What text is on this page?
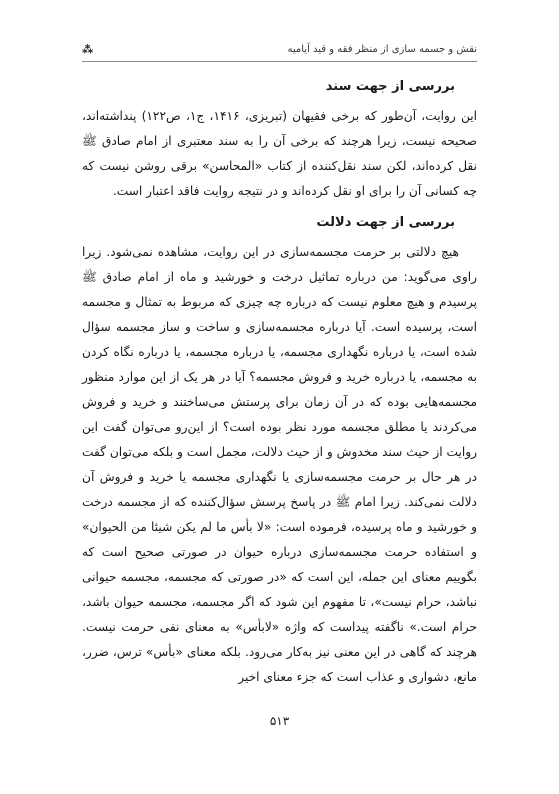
نقش و جسمه سازی از منظر فقه و قید آیامیه
⁂
بررسی از جهت سند

این روایت، آن‌طور که برخی فقیهان (تبریزی، ۱۴۱۶، ج۱، ص۱۲۲) پنداشته‌اند، صحیحه نیست، زیرا هرچند که برخی آن را به سند معتبری از امام صادق ﷺ نقل کرده‌اند، لکن سند نقل‌کننده از کتاب «المحاسن» برقی روشن نیست که چه کسانی آن را برای او نقل کرده‌اند و در نتیجه روایت فاقد اعتبار است.

بررسی از جهت دلالت

هیچ دلالتی بر حرمت مجسمه‌سازی در این روایت، مشاهده نمی‌شود. زیرا راوی می‌گوید: من درباره تماثیل درخت و خورشید و ماه از امام صادق ﷺ پرسیدم و هیچ معلوم نیست که درباره چه چیزی که مربوط به تمثال و مجسمه است، پرسیده است. آیا درباره مجسمه‌سازی و ساخت و ساز مجسمه سؤال شده است، یا درباره نگهداری مجسمه، یا درباره مجسمه، یا درباره نگاه کردن به مجسمه، یا درباره خرید و فروش مجسمه؟ آیا در هر یک از این موارد منظور مجسمه‌هایی بوده که در آن زمان برای پرستش می‌ساختند و خرید و فروش می‌کردند یا مطلق مجسمه مورد نظر بوده است؟ از این‌رو می‌توان گفت این روایت از حیث سند مخدوش و از حیث دلالت، مجمل است و بلکه می‌توان گفت در هر حال بر حرمت مجسمه‌سازی یا نگهداری مجسمه یا خرید و فروش آن دلالت نمی‌کند. زیرا امام ﷺ در پاسخ پرسش سؤال‌کننده که از مجسمه درخت و خورشید و ماه پرسیده، فرموده است: «لا بأس ما لم یکن شیئا من الحیوان» و استفاده حرمت مجسمه‌سازی درباره حیوان در صورتی صحیح است که بگوییم معنای این جمله، این است که «در صورتی که مجسمه، مجسمه حیوانی نباشد، حرام نیست»، تا مفهوم این شود که اگر مجسمه، مجسمه حیوان باشد، حرام است.» ناگفته پیداست که واژه «لابأس» به معنای نفی حرمت نیست. هرچند که گاهی در این معنی نیز به‌کار می‌رود. بلکه معنای «بأس» ترس، ضرر، مانع، دشواری و عذاب است که جزء معنای اخیر

۵۱۳
